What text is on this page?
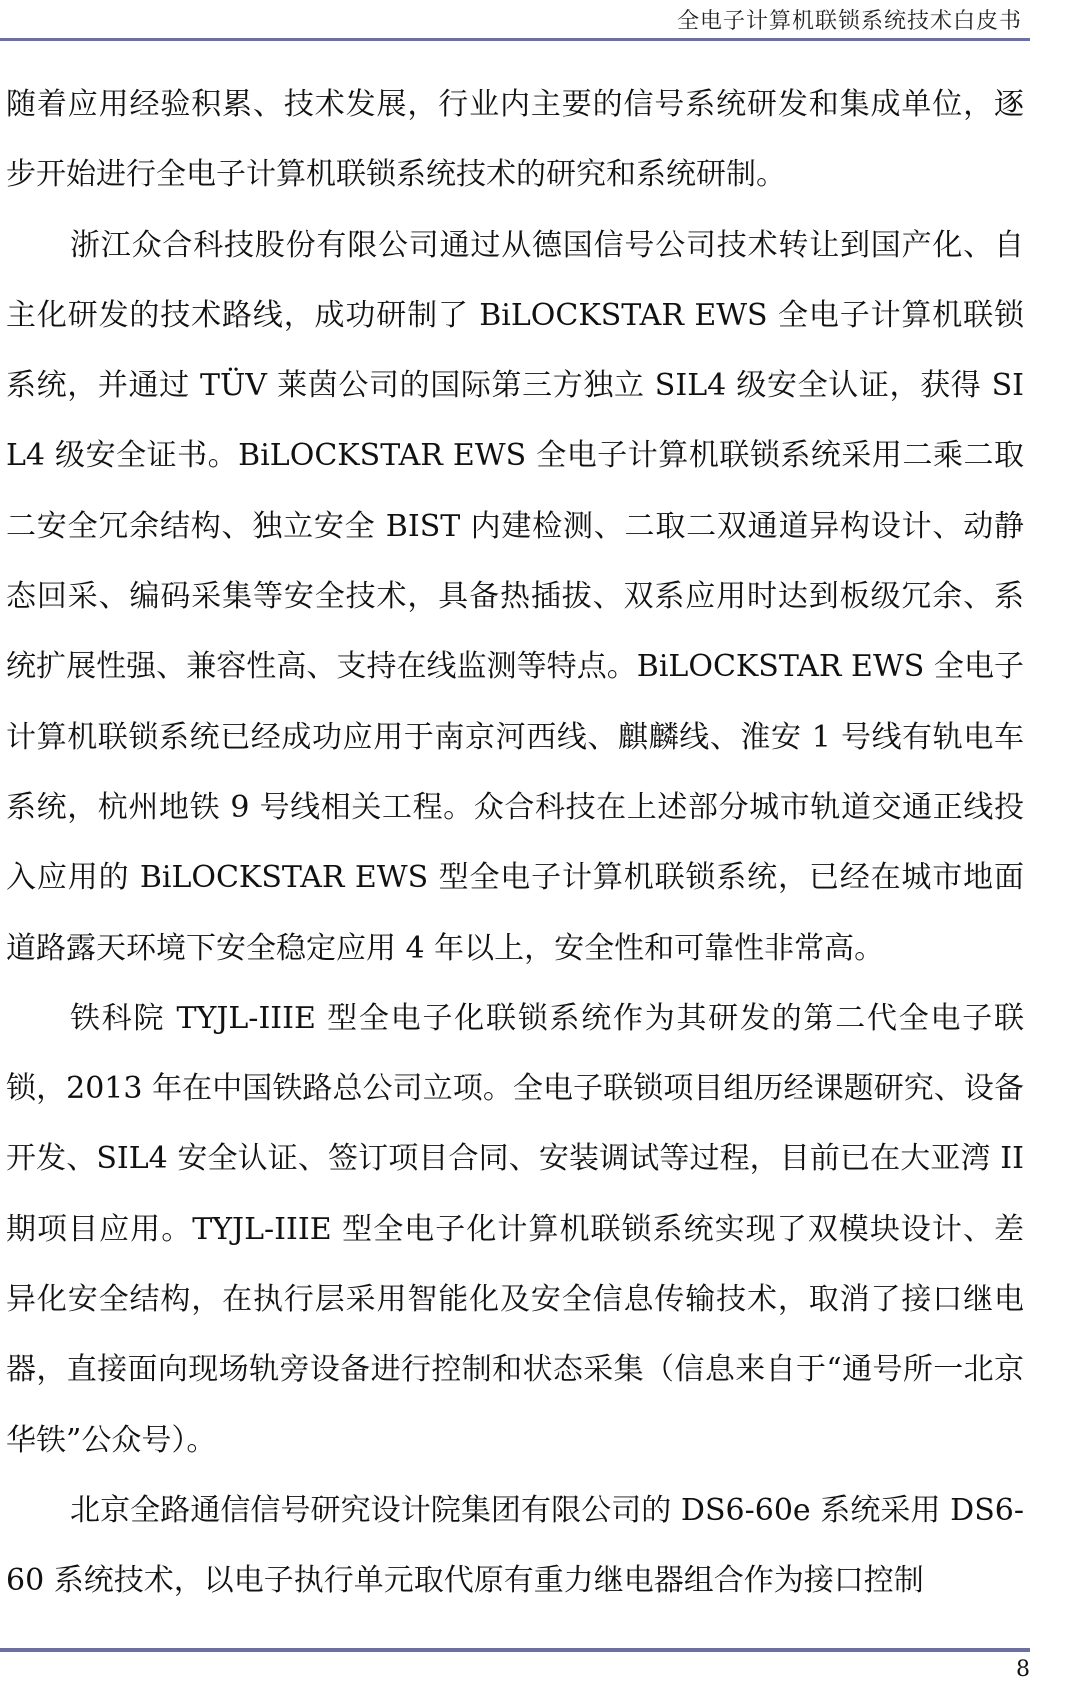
全电子计算机联锁系统技术白皮书

随着应用经验积累、技术发展，行业内主要的信号系统研发和集成单位，逐步开始进行全电子计算机联锁系统技术的研究和系统研制。

浙江众合科技股份有限公司通过从德国信号公司技术转让到国产化、自主化研发的技术路线，成功研制了 BiLOCKSTAR EWS 全电子计算机联锁系统，并通过 TÜV 莱茵公司的国际第三方独立 SIL4 级安全认证，获得 SIL4 级安全证书。BiLOCKSTAR EWS 全电子计算机联锁系统采用二乘二取二安全冗余结构、独立安全 BIST 内建检测、二取二双通道异构设计、动静态回采、编码采集等安全技术，具备热插拔、双系应用时达到板级冗余、系统扩展性强、兼容性高、支持在线监测等特点。BiLOCKSTAR EWS 全电子计算机联锁系统已经成功应用于南京河西线、麒麟线、淮安 1 号线有轨电车系统，杭州地铁 9 号线相关工程。众合科技在上述部分城市轨道交通正线投入应用的 BiLOCKSTAR EWS 型全电子计算机联锁系统，已经在城市地面道路露天环境下安全稳定应用 4 年以上，安全性和可靠性非常高。

铁科院 TYJL-IIIE 型全电子化联锁系统作为其研发的第二代全电子联锁，2013 年在中国铁路总公司立项。全电子联锁项目组历经课题研究、设备开发、SIL4 安全认证、签订项目合同、安装调试等过程，目前已在大亚湾 II 期项目应用。TYJL-IIIE 型全电子化计算机联锁系统实现了双模块设计、差异化安全结构，在执行层采用智能化及安全信息传输技术，取消了接口继电器，直接面向现场轨旁设备进行控制和状态采集（信息来自于“通号所一北京华铁”公众号）。

北京全路通信信号研究设计院集团有限公司的 DS6-60e 系统采用 DS6-60 系统技术，以电子执行单元取代原有重力继电器组合作为接口控制

8
